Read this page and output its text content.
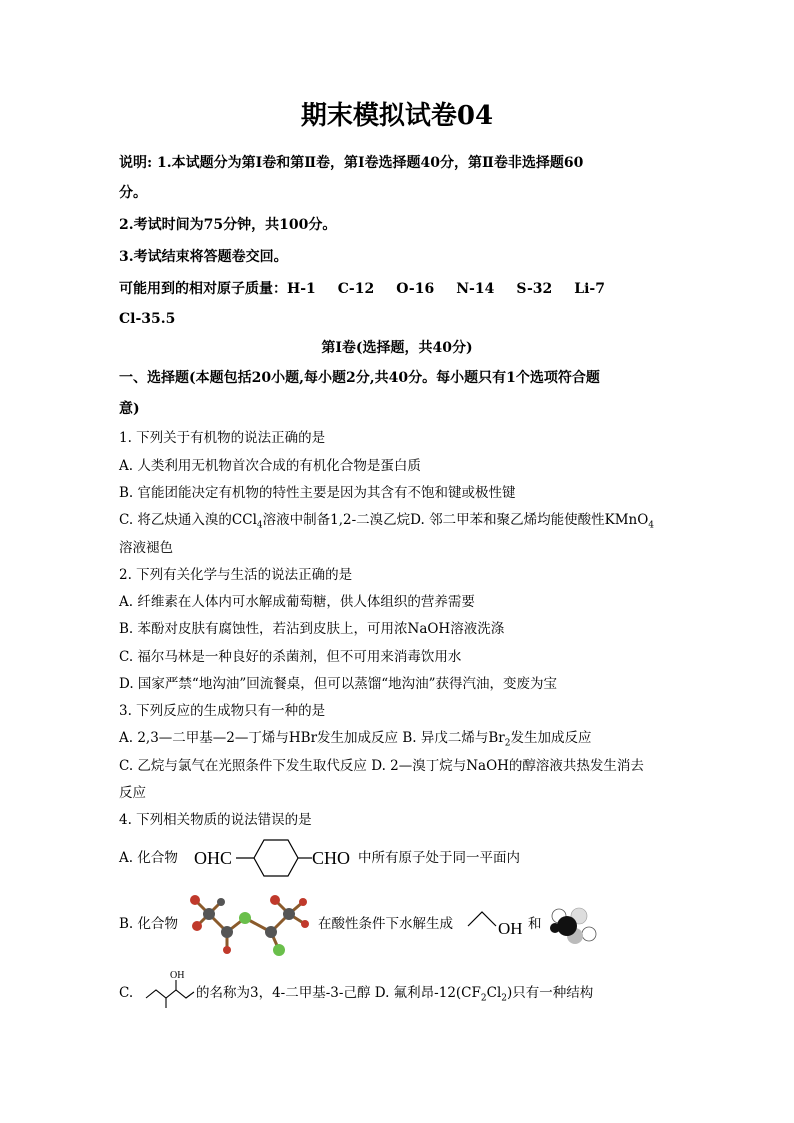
期末模拟试卷04
说明: 1.本试题分为第Ⅰ卷和第Ⅱ卷，第Ⅰ卷选择题40分，第Ⅱ卷非选择题60
分。
2.考试时间为75分钟，共100分。
3.考试结束将答题卷交回。
可能用到的相对原子质量：H-1 C-12 O-16 N-14 S-32 Li-7
Cl-35.5
第Ⅰ卷(选择题，共40分)
一、选择题(本题包括20小题,每小题2分,共40分。每小题只有1个选项符合题
意)
1. 下列关于有机物的说法正确的是
A. 人类利用无机物首次合成的有机化合物是蛋白质
B. 官能团能决定有机物的特性主要是因为其含有不饱和键或极性键
C. 将乙炔通入溴的CCl$_4$溶液中制备1,2-二溴乙烷D. 邻二甲苯和聚乙烯均能使酸性KMnO$_4$
溶液褪色
2. 下列有关化学与生活的说法正确的是
A. 纤维素在人体内可水解成葡萄糖，供人体组织的营养需要
B. 苯酚对皮肤有腐蚀性，若沾到皮肤上，可用浓NaOH溶液洗涤
C. 福尔马林是一种良好的杀菌剂，但不可用来消毒饮用水
D. 国家严禁“地沟油”回流餐桌，但可以蒸馏“地沟油”获得汽油，变废为宝
3. 下列反应的生成物只有一种的是
A. 2,3—二甲基—2—丁烯与HBr发生加成反应 B. 异戊二烯与$Br_2$发生加成反应
C. 乙烷与氯气在光照条件下发生取代反应 D. 2—溴丁烷与NaOH的醇溶液共热发生消去
反应
4. 下列相关物质的说法错误的是
A. 化合物 OHC	CHO 中所有原子处于同一平面内
B. 化合物	在酸性条件下水解生成	OH 和
C.
OH
的名称为3，4-二甲基-3-己醇 D. 氟利昂$-12(CF_2Cl_2)$只有一种结构
